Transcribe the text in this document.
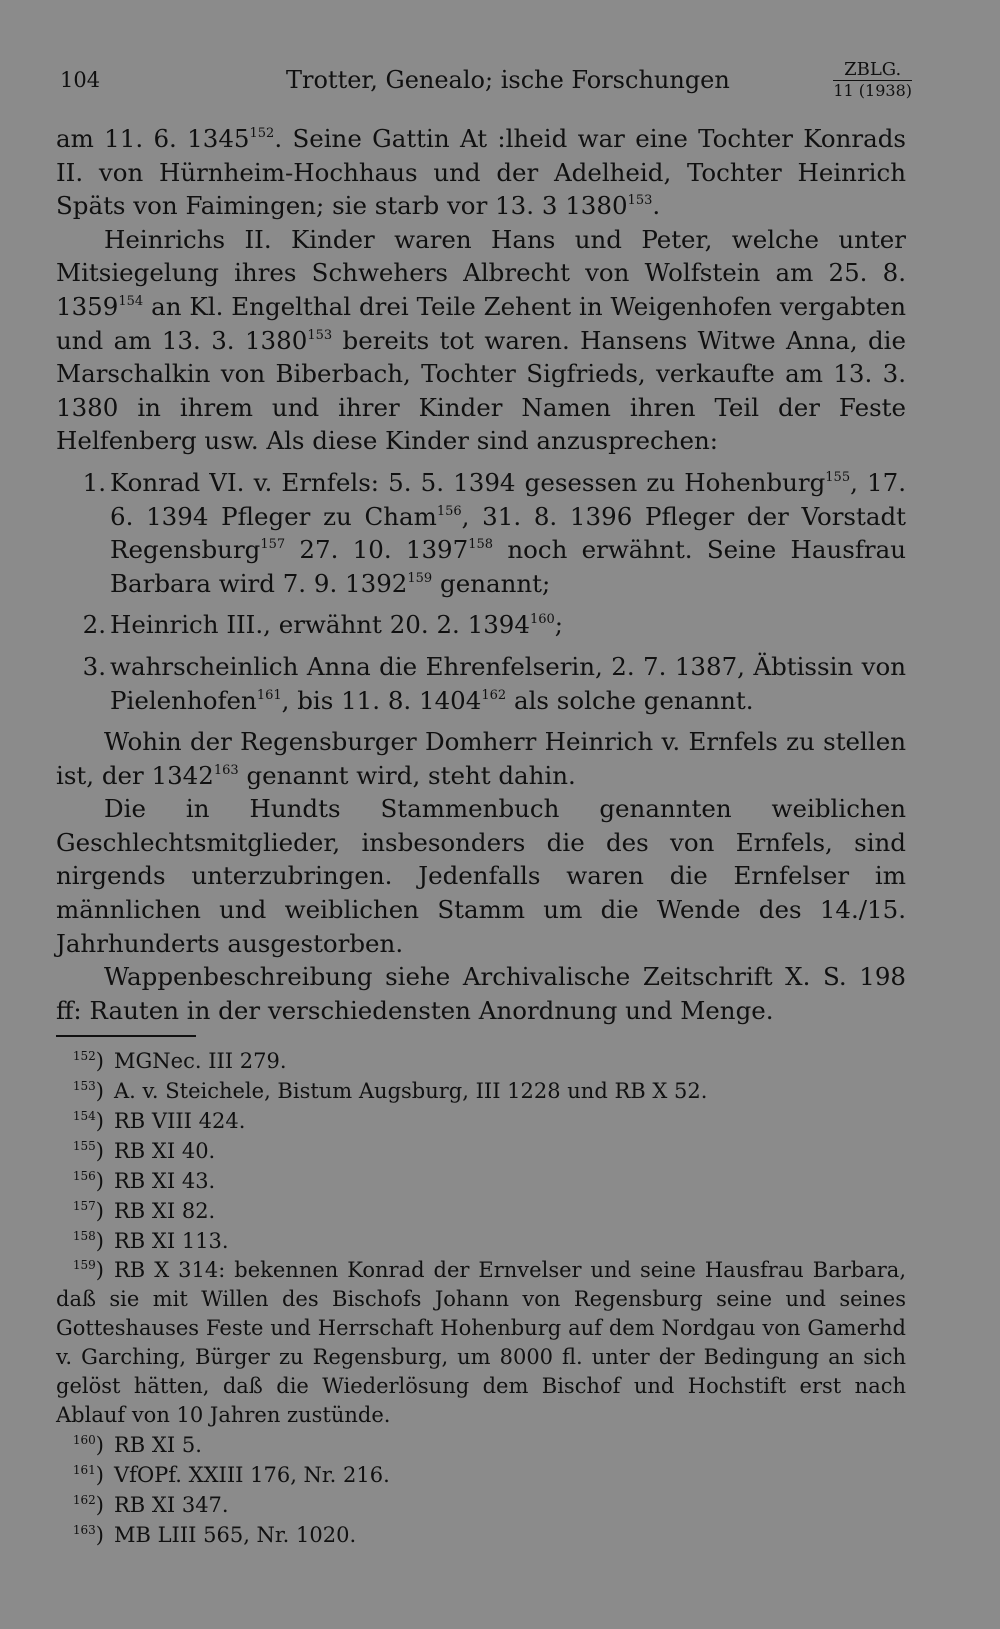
104	Trotter, Genealo; ische Forschungen	ZBLG.
11 (1938)

am 11. 6. 1345$^{152}$. Seine Gattin At :lheid war eine Tochter Konrads II. von Hürnheim-Hochhaus und der Adelheid, Tochter Heinrich Späts von Faimingen; sie starb vor 13. 3 1380$^{153}$.

Heinrichs II. Kinder waren Hans und Peter, welche unter Mitsiegelung ihres Schwehers Albrecht von Wolfstein am 25. 8. 1359$^{154}$ an Kl. Engelthal drei Teile Zehent in Weigenhofen vergabten und am 13. 3. 1380$^{153}$ bereits tot waren. Hansens Witwe Anna, die Marschalkin von Biberbach, Tochter Sigfrieds, verkaufte am 13. 3. 1380 in ihrem und ihrer Kinder Namen ihren Teil der Feste Helfenberg usw. Als diese Kinder sind anzusprechen:

1. Konrad VI. v. Ernfels: 5. 5. 1394 gesessen zu Hohenburg$^{155}$, 17. 6. 1394 Pfleger zu Cham$^{156}$, 31. 8. 1396 Pfleger der Vorstadt Regensburg$^{157}$ 27. 10. 1397$^{158}$ noch erwähnt. Seine Hausfrau Barbara wird 7. 9. 1392$^{159}$ genannt;
2. Heinrich III., erwähnt 20. 2. 1394$^{160}$;
3. wahrscheinlich Anna die Ehrenfelserin, 2. 7. 1387, Äbtissin von Pielenhofen$^{161}$, bis 11. 8. 1404$^{162}$ als solche genannt.

Wohin der Regensburger Domherr Heinrich v. Ernfels zu stellen ist, der 1342$^{163}$ genannt wird, steht dahin.

Die in Hundts Stammenbuch genannten weiblichen Geschlechtsmitglieder, insbesonders die des von Ernfels, sind nirgends unterzubringen. Jedenfalls waren die Ernfelser im männlichen und weiblichen Stamm um die Wende des 14./15. Jahrhunderts ausgestorben.

Wappenbeschreibung siehe Archivalische Zeitschrift X. S. 198 ff: Rauten in der verschiedensten Anordnung und Menge.

$^{152}$) MGNec. III 279.
$^{153}$) A. v. Steichele, Bistum Augsburg, III 1228 und RB X 52.
$^{154}$) RB VIII 424.
$^{155}$) RB XI 40.
$^{156}$) RB XI 43.
$^{157}$) RB XI 82.
$^{158}$) RB XI 113.
$^{159}$) RB X 314: bekennen Konrad der Ernvelser und seine Hausfrau Barbara, daß sie mit Willen des Bischofs Johann von Regensburg seine und seines Gotteshauses Feste und Herrschaft Hohenburg auf dem Nordgau von Gamerhd v. Garching, Bürger zu Regensburg, um 8000 fl. unter der Bedingung an sich gelöst hätten, daß die Wiederlösung dem Bischof und Hochstift erst nach Ablauf von 10 Jahren zustünde.
$^{160}$) RB XI 5.
$^{161}$) VfOPf. XXIII 176, Nr. 216.
$^{162}$) RB XI 347.
$^{163}$) MB LIII 565, Nr. 1020.
